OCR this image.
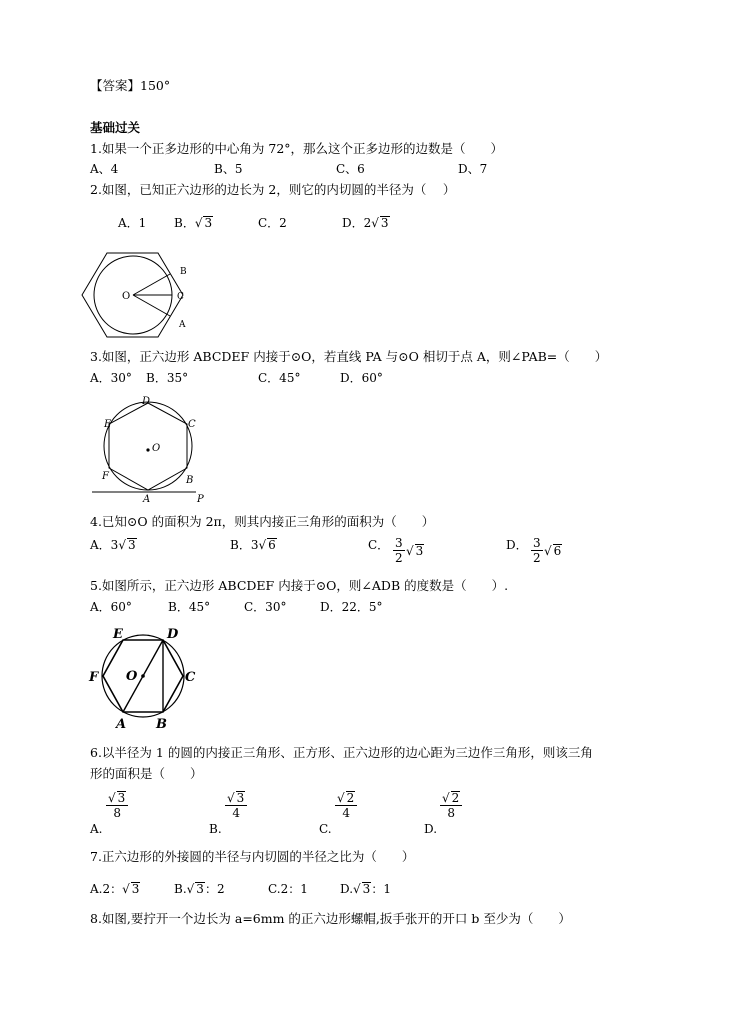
【答案】150°
基础过关
1.如果一个正多边形的中心角为 72°，那么这个正多边形的边数是（　　）
A、4	B、5	C、6	D、7
2.如图，已知正六边形的边长为 2，则它的内切圆的半径为（　 ）
A．1 B．√ 3	C．2	D．2√ 3
O
B
C
A
3.如图，正六边形 ABCDEF 内接于⊙O，若直线 PA 与⊙O 相切于点 A，则∠PAB=（　　）
A．30° B．35°	C．45°	D．60°
D
C
E
O
F	B
A	P
4.已知⊙O 的面积为 2π，则其内接正三角形的面积为（　　）
A．3√ 3	B．3√ 6	C． $\frac{3}{2}$ √ 3	D． $\frac{3}{2}$ √ 6
5.如图所示，正六边形 ABCDEF 内接于⊙O，则∠ADB 的度数是（　　）.
A．60°	B．45°	C．30°	D．22．5°
E	D
F O	C
A B
6.以半径为 1 的圆的内接正三角形、正方形、正六边形的边心距为三边作三角形，则该三角
形的面积是（　　）
A.
$\frac{√ 3}{8}$
B.
$\frac{√ 3}{4}$
C.
$\frac{√ 2}{4}$
D.
$\frac{√ 2}{8}$
7.正六边形的外接圆的半径与内切圆的半径之比为（　　）
A.2：√ 3	B.√ 3：2	C.2：1	D.√ 3：1
8.如图,要拧开一个边长为 a=6mm 的正六边形螺帽,扳手张开的开口 b 至少为（　　）
